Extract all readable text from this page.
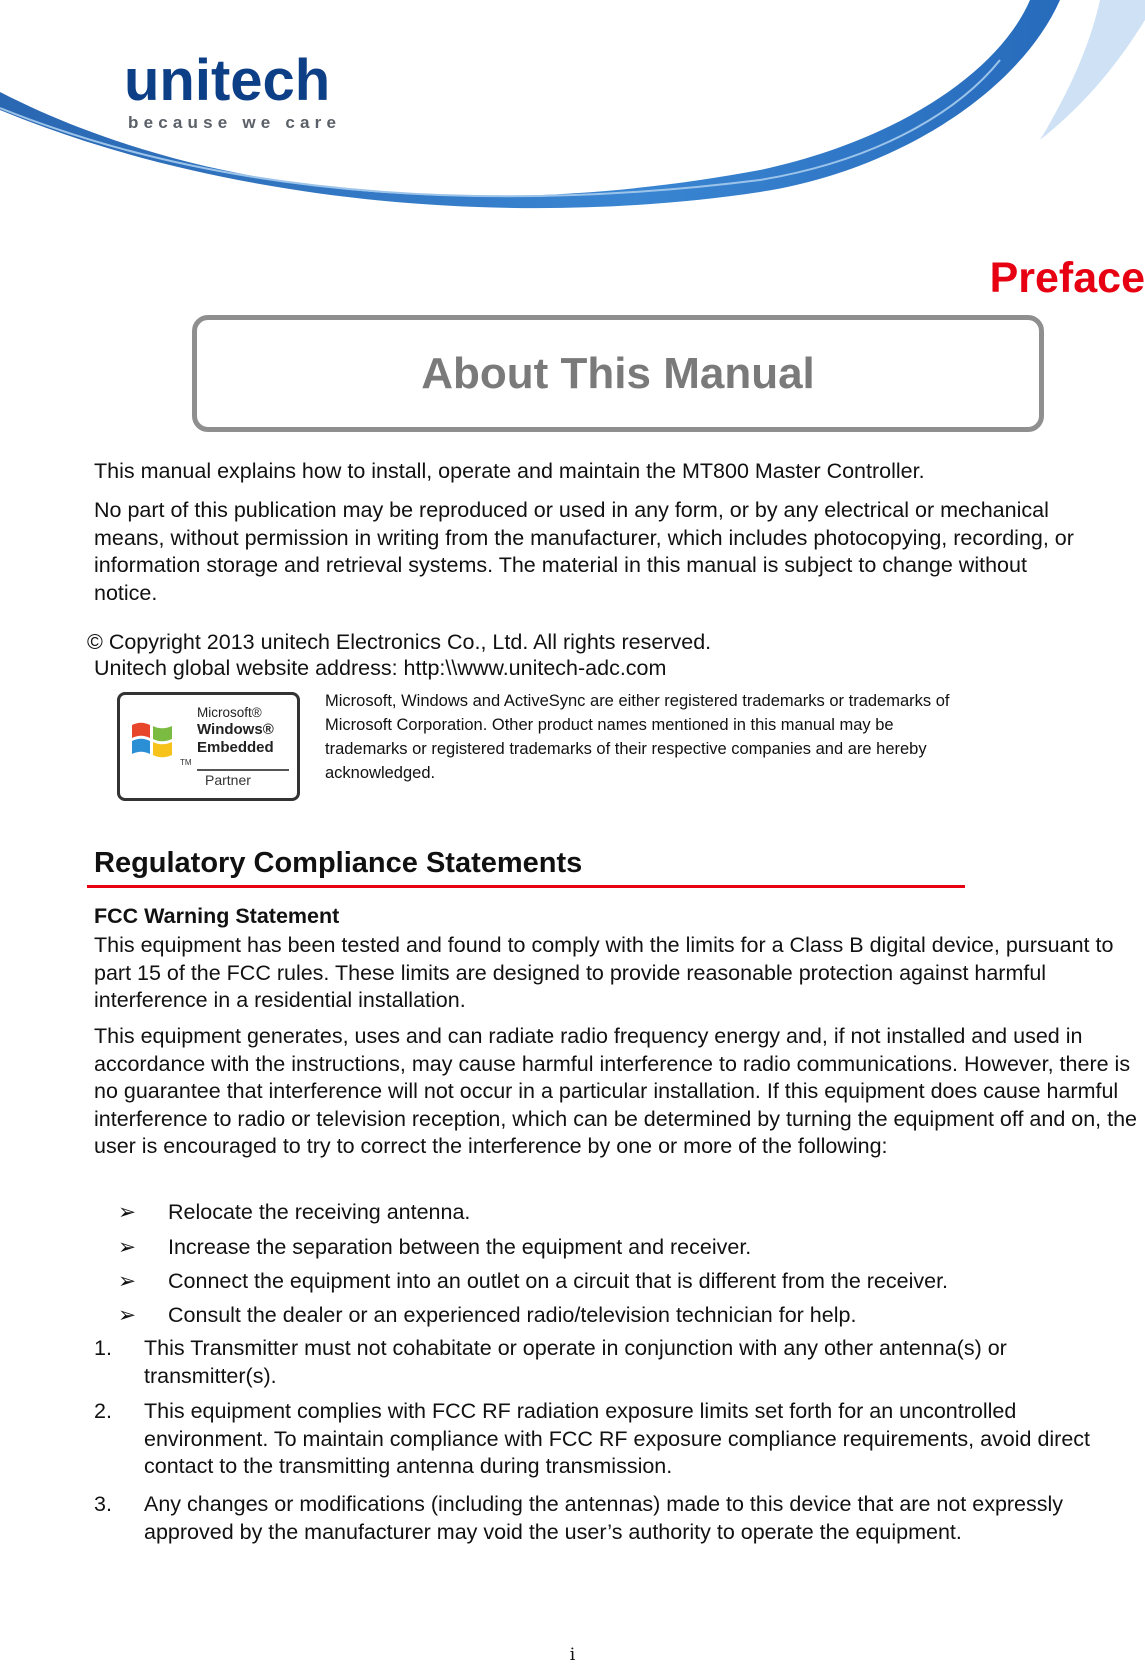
unitech
because we care
Preface
About This Manual
This manual explains how to install, operate and maintain the MT800 Master Controller.
No part of this publication may be reproduced or used in any form, or by any electrical or mechanical means, without permission in writing from the manufacturer, which includes photocopying, recording, or information storage and retrieval systems. The material in this manual is subject to change without notice.
© Copyright 2013 unitech Electronics Co., Ltd. All rights reserved.
Unitech global website address: http:\\www.unitech-adc.com
Microsoft®
Windows®
Embedded
TM
Partner
Microsoft, Windows and ActiveSync are either registered trademarks or trademarks of Microsoft Corporation. Other product names mentioned in this manual may be trademarks or registered trademarks of their respective companies and are hereby acknowledged.
Regulatory Compliance Statements
FCC Warning Statement
This equipment has been tested and found to comply with the limits for a Class B digital device, pursuant to part 15 of the FCC rules. These limits are designed to provide reasonable protection against harmful interference in a residential installation.
This equipment generates, uses and can radiate radio frequency energy and, if not installed and used in accordance with the instructions, may cause harmful interference to radio communications. However, there is no guarantee that interference will not occur in a particular installation. If this equipment does cause harmful interference to radio or television reception, which can be determined by turning the equipment off and on, the user is encouraged to try to correct the interference by one or more of the following:
➢ Relocate the receiving antenna.
➢ Increase the separation between the equipment and receiver.
➢ Connect the equipment into an outlet on a circuit that is different from the receiver.
➢ Consult the dealer or an experienced radio/television technician for help.
1. This Transmitter must not cohabitate or operate in conjunction with any other antenna(s) or transmitter(s).
2. This equipment complies with FCC RF radiation exposure limits set forth for an uncontrolled environment. To maintain compliance with FCC RF exposure compliance requirements, avoid direct contact to the transmitting antenna during transmission.
3. Any changes or modifications (including the antennas) made to this device that are not expressly approved by the manufacturer may void the user’s authority to operate the equipment.
i
